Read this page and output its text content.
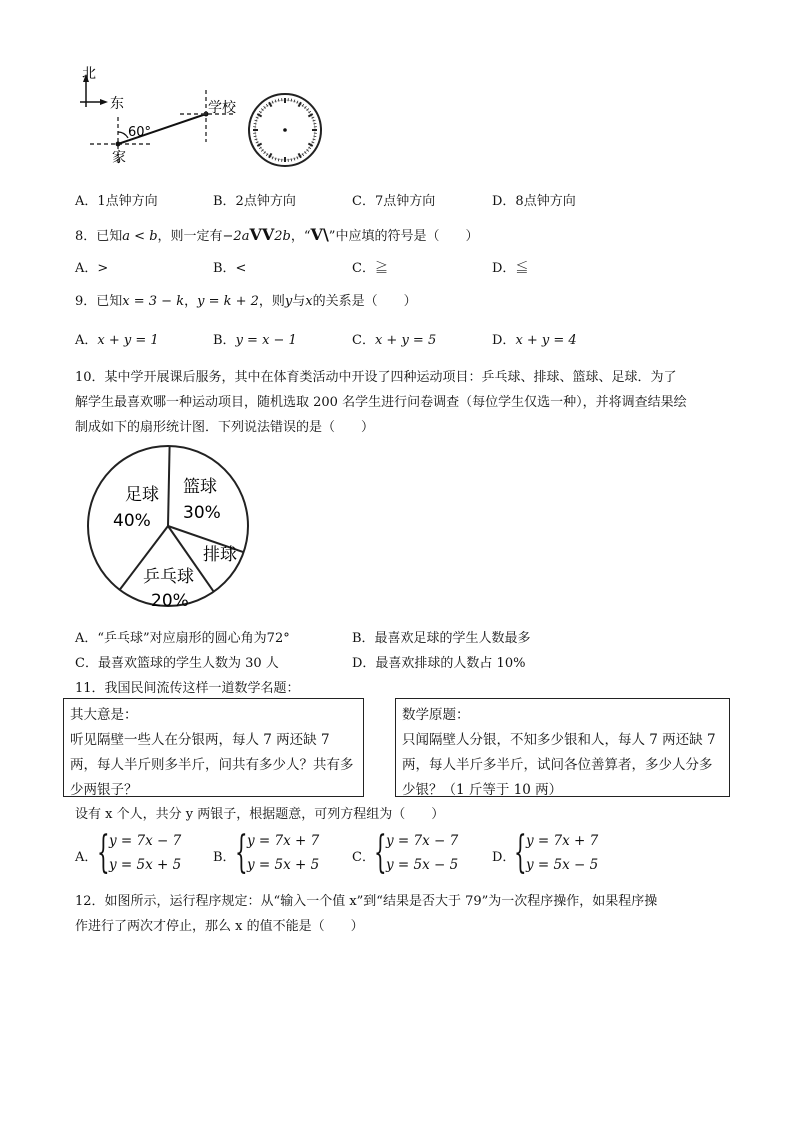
北
东
60°
家
学校
A．1点钟方向	B．2点钟方向	C．7点钟方向	D．8点钟方向
8．已知a < b，则一定有−2aVV2b，“V\”中应填的符号是（　　）
A．>	B．<	C．≧	D．≦
9．已知x = 3 − k，y = k + 2，则y与x的关系是（　　）
A．x + y = 1	B．y = x − 1	C．x + y = 5	D．x + y = 4
10．某中学开展课后服务，其中在体育类活动中开设了四种运动项目：乒乓球、排球、篮球、足球．为了
解学生最喜欢哪一种运动项目，随机选取 200 名学生进行问卷调查（每位学生仅选一种），并将调查结果绘
制成如下的扇形统计图．下列说法错误的是（　　）
足球
40%
篮球
30%
排球
乒乓球
20%
A．“乒乓球”对应扇形的圆心角为72°	B．最喜欢足球的学生人数最多
C．最喜欢篮球的学生人数为 30 人	D．最喜欢排球的人数占 10%
11．我国民间流传这样一道数学名题：
其大意是：
听见隔壁一些人在分银两，每人 7 两还缺 7 两，每人半斤则多半斤，问共有多少人？共有多少两银子？
数学原题：
只闻隔壁人分银，不知多少银和人，每人 7 两还缺 7 两，每人半斤多半斤，试问各位善算者，多少人分多少银？（1 斤等于 10 两）
设有 x 个人，共分 y 两银子，根据题意，可列方程组为（　　）
A． { y = 7x − 7
y = 5x + 5 B． { y = 7x + 7
y = 5x + 5	C． { y = 7x − 7
y = 5x − 5	D．
{ y = 7x + 7
y = 5x − 5
12．如图所示，运行程序规定：从“输入一个值 x”到“结果是否大于 79”为一次程序操作，如果程序操
作进行了两次才停止，那么 x 的值不能是（　　）
